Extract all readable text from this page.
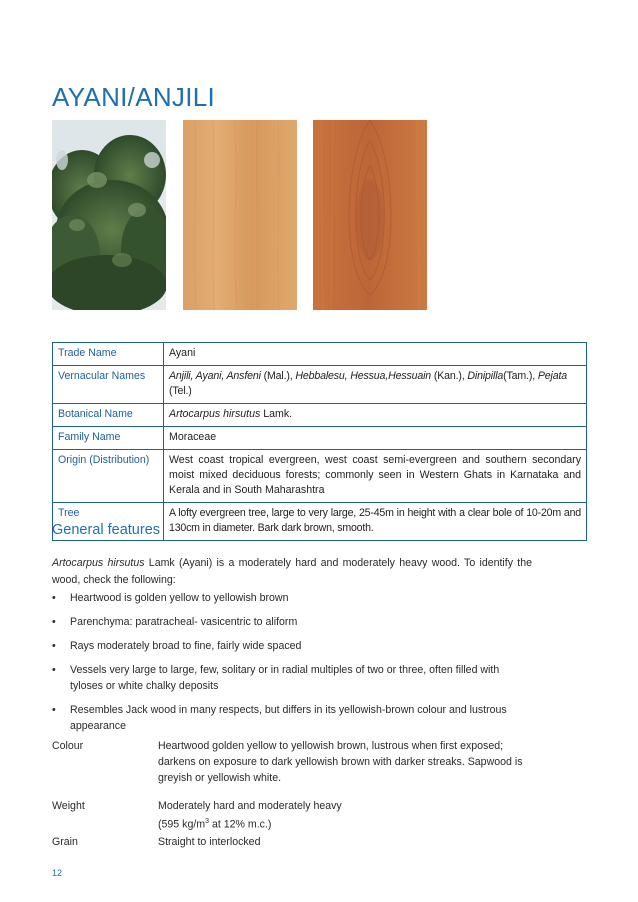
AYANI/ANJILI
Trade Name	Ayani
Vernacular Names	Anjili, Ayani, Ansfeni (Mal.), Hebbalesu, Hessua,Hessuain (Kan.), Dinipilla(Tam.), Pejata (Tel.)
Botanical Name	Artocarpus hirsutus Lamk.
Family Name	Moraceae
Origin (Distribution)	West coast tropical evergreen, west coast semi-evergreen and southern secondary moist mixed deciduous forests; commonly seen in Western Ghats in Karnataka and Kerala and in South Maharashtra
Tree	A lofty evergreen tree, large to very large, 25-45m in height with a clear bole of 10-20m and 130cm in diameter. Bark dark brown, smooth.
General features
Artocarpus hirsutus Lamk (Ayani) is a moderately hard and moderately heavy wood. To identify the wood, check the following:
• Heartwood is golden yellow to yellowish brown
• Parenchyma: paratracheal- vasicentric to aliform
• Rays moderately broad to fine, fairly wide spaced
• Vessels very large to large, few, solitary or in radial multiples of two or three, often filled with tyloses or white chalky deposits
• Resembles Jack wood in many respects, but differs in its yellowish-brown colour and lustrous appearance
Colour	Heartwood golden yellow to yellowish brown, lustrous when first exposed; darkens on exposure to dark yellowish brown with darker streaks. Sapwood is greyish or yellowish white.
Weight	Moderately hard and moderately heavy
(595 $kg/m^3$ at 12% m.c.)
Grain	Straight to interlocked
12
